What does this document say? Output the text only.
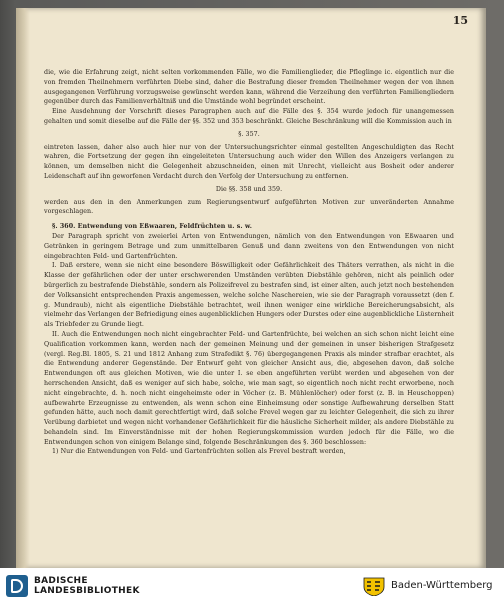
15

die, wie die Erfahrung zeigt, nicht selten vorkommenden Fälle, wo die Familienglieder, die Pfleglinge ic. eigentlich nur die von fremden Theilnehmern verführten Diebe sind, daher die Bestrafung dieser fremden Theilnehmer wegen der von ihnen ausgegangenen Verführung vorzugsweise gewünscht werden kann, während die Verzeihung den verführten Familiengliedern gegenüber durch das Familienverhältniß und die Umstände wohl begründet erscheint.

Eine Ausdehnung der Vorschrift dieses Paragraphen auch auf die Fälle des §. 354 wurde jedoch für unangemessen gehalten und somit dieselbe auf die Fälle der §§. 352 und 353 beschränkt. Gleiche Beschränkung will die Kommission auch in

§. 357.

eintreten lassen, daher also auch hier nur von der Untersuchungsrichter einmal gestellten Angeschuldigten das Recht wahren, die Fortsetzung der gegen ihn eingeleiteten Untersuchung auch wider den Willen des Anzeigers verlangen zu können, um demselben nicht die Gelegenheit abzuschneiden, einen mit Unrecht, vielleicht aus Bosheit oder anderer Leidenschaft auf ihn geworfenen Verdacht durch den Verfolg der Untersuchung zu entfernen.

Die §§. 358 und 359.

werden aus den in den Anmerkungen zum Regierungsentwurf aufgeführten Motiven zur unveränderten Annahme vorgeschlagen.

§. 360. Entwendung von Eßwaaren, Feldfrüchten u. s. w.

Der Paragraph spricht von zweierlei Arten von Entwendungen, nämlich von den Entwendungen von Eßwaaren und Getränken in geringem Betrage und zum unmittelbaren Genuß und dann zweitens von den Entwendungen von nicht eingebrachten Feld- und Gartenfrüchten.

I. Daß erstere, wenn sie nicht eine besondere Böswilligkeit oder Gefährlichkeit des Thäters verrathen, als nicht in die Klasse der gefährlichen oder der unter erschwerenden Umständen verübten Diebstähle gehören, nicht als peinlich oder bürgerlich zu bestrafende Diebstähle, sondern als Polizeifrevel zu bestrafen sind, ist einer alten, auch jetzt noch bestehenden der Volksansicht entsprechenden Praxis angemessen, welche solche Naschereien, wie sie der Paragraph voraussetzt (den f. g. Mundraub), nicht als eigentliche Diebstähle betrachtet, weil ihnen weniger eine wirkliche Bereicherungsabsicht, als vielmehr das Verlangen der Befriedigung eines augenblicklichen Hungers oder Durstes oder eine augenblickliche Lüsternheit als Triebfeder zu Grunde liegt.

II. Auch die Entwendungen noch nicht eingebrachter Feld- und Gartenfrüchte, bei welchen an sich schon nicht leicht eine Qualification vorkommen kann, werden nach der gemeinen Meinung und der gemeinen in unser bisherigen Strafgesetz (vergl. Reg.Bl. 1805, S. 21 und 1812 Anhang zum Strafedikt §. 76) übergegangenen Praxis als minder strafbar erachtet, als die Entwendung anderer Gegenstände. Der Entwurf geht von gleicher Ansicht aus, die, abgesehen davon, daß solche Entwendungen oft aus gleichen Motiven, wie die unter I. se eben angeführten verübt werden und abgesehen von der herrschenden Ansicht, daß es weniger auf sich habe, solche, wie man sagt, so eigentlich noch nicht recht erworbene, noch nicht eingebrachte, d. h. noch nicht eingeheimste oder in Vöcher (z. B. Mühlenlöcher) oder forst (z. B. in Heuschoppen) aufbewahrte Erzeugnisse zu entwenden, als wenn schon eine Einheimsung oder sonstige Aufbewahrung derselben Statt gefunden hätte, auch noch damit gerechtfertigt wird, daß solche Frevel wegen gar zu leichter Gelegenheit, die sich zu ihrer Verübung darbietet und wegen nicht vorhandener Gefährlichkeit für die häusliche Sicherheit milder, als andere Diebstähle zu behandeln sind. Im Einverständnisse mit der hohen Regierungskommission wurden jedoch für die Fälle, wo die Entwendungen schon von einigem Belange sind, folgende Beschränkungen des §. 360 beschlossen:

1) Nur die Entwendungen von Feld- und Gartenfrüchten sollen als Frevel bestraft werden,

BADISCHE
LANDESBIBLIOTHEK	Baden-Württemberg
